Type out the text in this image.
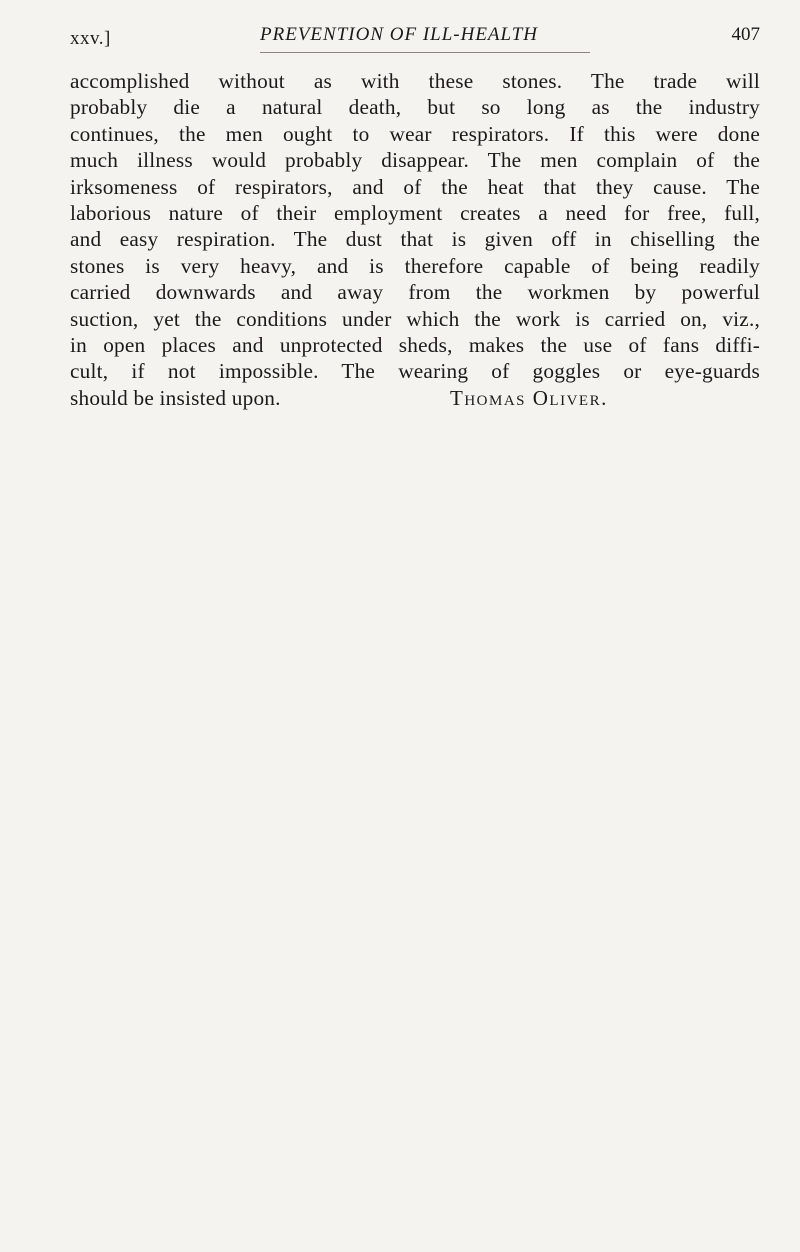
xxv.]	PREVENTION OF ILL-HEALTH	407
accomplished without as with these stones. The trade will
probably die a natural death, but so long as the industry
continues, the men ought to wear respirators. If this were done
much illness would probably disappear. The men complain of the
irksomeness of respirators, and of the heat that they cause. The
laborious nature of their employment creates a need for free, full,
and easy respiration. The dust that is given off in chiselling the
stones is very heavy, and is therefore capable of being readily
carried downwards and away from the workmen by powerful
suction, yet the conditions under which the work is carried on, viz.,
in open places and unprotected sheds, makes the use of fans diffi-
cult, if not impossible. The wearing of goggles or eye-guards
should be insisted upon.	Thomas Oliver.
